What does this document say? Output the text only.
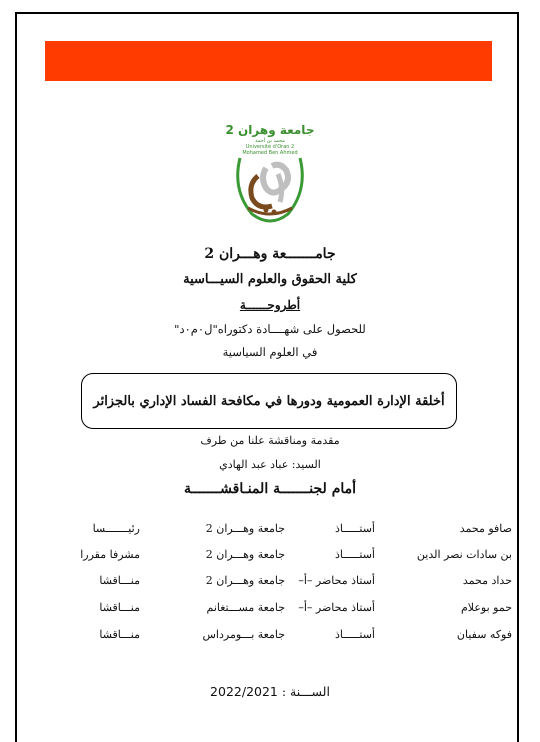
جامعة وهران 2
محمد بن أحمد
Université d'Oran 2
Mohamed Ben Ahmed
جامـــــــعة وهـــران 2
كلية الحقوق والعلوم السيـــاسية
أطروحــــــة
للحصول على شهــــادة دكتوراه"ل٠م٠د"
في العلوم السياسية
أخلقة الإدارة العمومية ودورها في مكافحة الفساد الإداري بالجزائر
مقدمة ومناقشة علنا من طرف
السيد: عباد عبد الهادي
أمام لجنـــــــة المنـاقشـــــــة
صافو محمد
أستـــــاذ
جامعة وهـــران 2
رئيـــــــسا
بن سادات نصر الدين
أستـــــاذ
جامعة وهـــران 2
مشرفا مقررا
حداد محمد
أستاذ محاضر –أ–
جامعة وهـــران 2
منـــاقشا
حمو بوعلام
أستاذ محاضر –أ–
جامعة مســـتغانم
منـــاقشا
فوكه سفيان
أستـــــاذ
جامعة بـــومرداس
منـــاقشا
الســـنة : 2022/2021
